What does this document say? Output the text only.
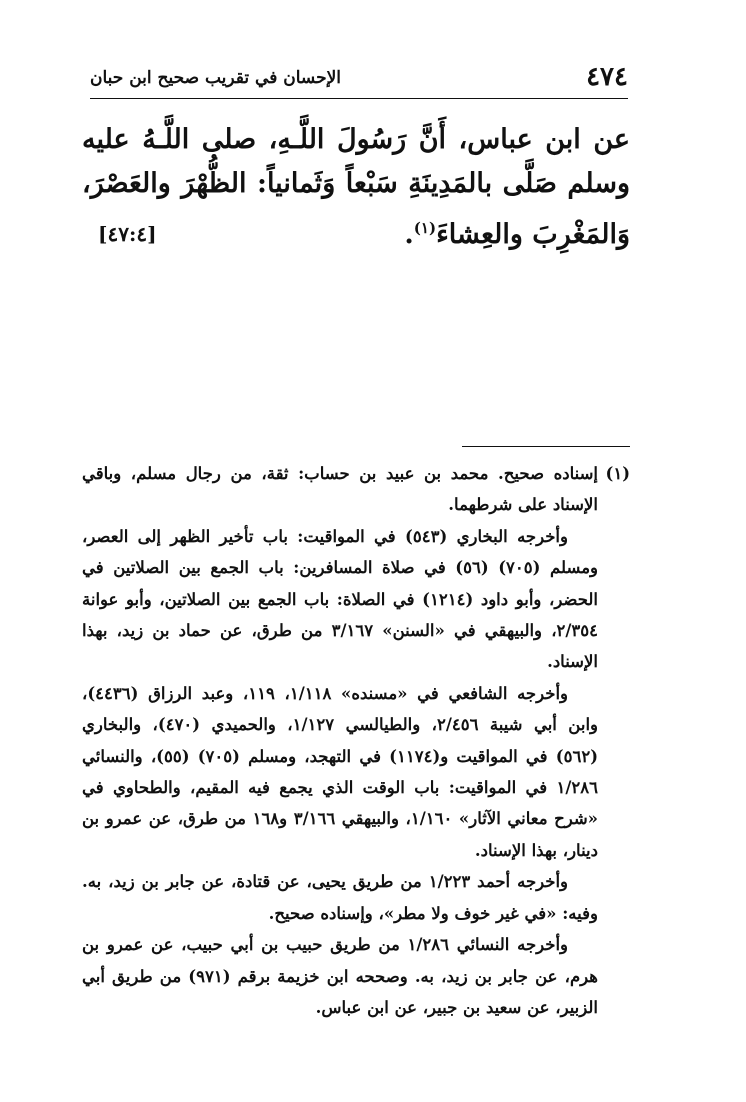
٤٧٤
الإحسان في تقريب صحيح ابن حبان
عن ابن عباس، أَنَّ رَسُولَ اللَّـهِ، صلى اللَّـهُ عليه وسلم صَلَّى بالمَدِينَةِ سَبْعاً وَثَمانياً: الظُّهْرَ والعَصْرَ، وَالمَغْرِبَ والعِشاءَ$^{(١)}$.
[٤٧:٤]
(١)

إسناده صحيح. محمد بن عبيد بن حساب: ثقة، من رجال مسلم، وباقي الإسناد على شرطهما.

وأخرجه البخاري (٥٤٣) في المواقيت: باب تأخير الظهر إلى العصر، ومسلم (٧٠٥) (٥٦) في صلاة المسافرين: باب الجمع بين الصلاتين في الحضر، وأبو داود (١٢١٤) في الصلاة: باب الجمع بين الصلاتين، وأبو عوانة ٢/٣٥٤، والبيهقي في «السنن» ٣/١٦٧ من طرق، عن حماد بن زيد، بهذا الإسناد.

وأخرجه الشافعي في «مسنده» ١/١١٨، ١١٩، وعبد الرزاق (٤٤٣٦)، وابن أبي شيبة ٢/٤٥٦، والطيالسي ١/١٢٧، والحميدي (٤٧٠)، والبخاري (٥٦٢) في المواقيت و(١١٧٤) في التهجد، ومسلم (٧٠٥) (٥٥)، والنسائي ١/٢٨٦ في المواقيت: باب الوقت الذي يجمع فيه المقيم، والطحاوي في «شرح معاني الآثار» ١/١٦٠، والبيهقي ٣/١٦٦ و١٦٨ من طرق، عن عمرو بن دينار، بهذا الإسناد.

وأخرجه أحمد ١/٢٢٣ من طريق يحيى، عن قتادة، عن جابر بن زيد، به. وفيه: «في غير خوف ولا مطر»، وإسناده صحيح.

وأخرجه النسائي ١/٢٨٦ من طريق حبيب بن أبي حبيب، عن عمرو بن هرم، عن جابر بن زيد، به. وصححه ابن خزيمة برقم (٩٧١) من طريق أبي الزبير، عن سعيد بن جبير، عن ابن عباس.
